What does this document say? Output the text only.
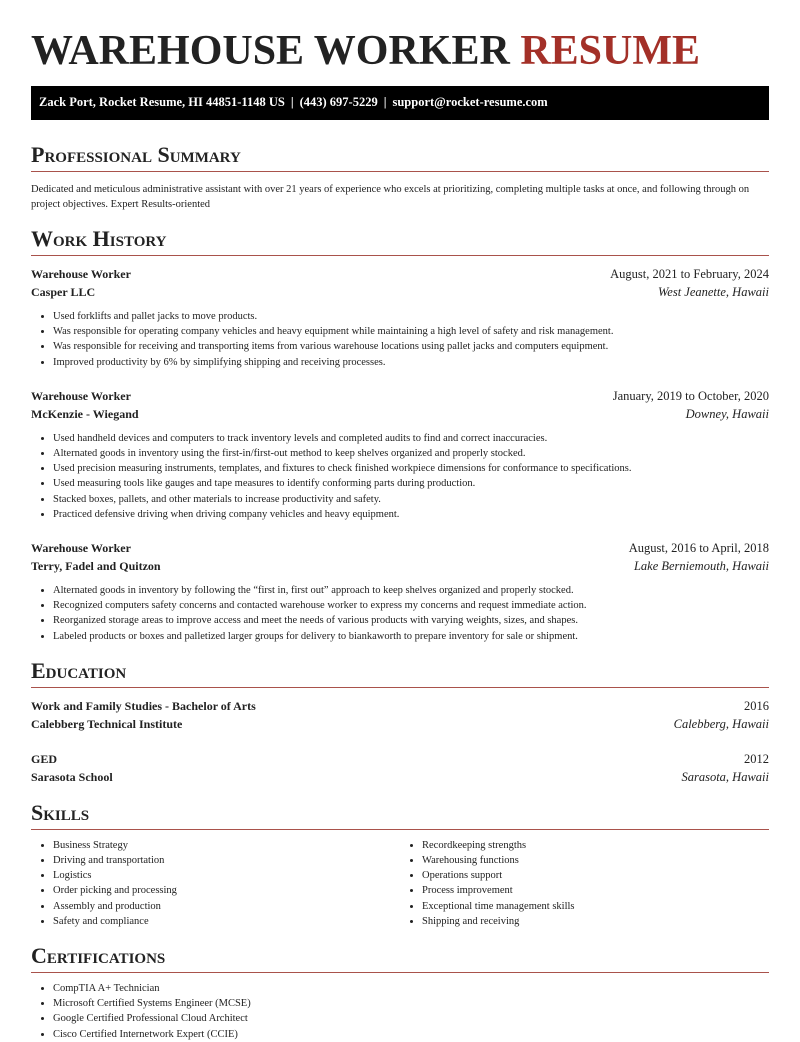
WAREHOUSE WORKER RESUME
Zack Port, Rocket Resume, HI 44851-1148 US | (443) 697-5229 | support@rocket-resume.com
Professional Summary

Dedicated and meticulous administrative assistant with over 21 years of experience who excels at prioritizing, completing multiple tasks at once, and following through on project objectives. Expert Results-oriented

Work History
Warehouse Worker	August, 2021 to February, 2024
Casper LLC	West Jeanette, Hawaii
• Used forklifts and pallet jacks to move products.
• Was responsible for operating company vehicles and heavy equipment while maintaining a high level of safety and risk management.
• Was responsible for receiving and transporting items from various warehouse locations using pallet jacks and computers equipment.
• Improved productivity by 6% by simplifying shipping and receiving processes.
Warehouse Worker	January, 2019 to October, 2020
McKenzie - Wiegand	Downey, Hawaii
• Used handheld devices and computers to track inventory levels and completed audits to find and correct inaccuracies.
• Alternated goods in inventory using the first-in/first-out method to keep shelves organized and properly stocked.
• Used precision measuring instruments, templates, and fixtures to check finished workpiece dimensions for conformance to specifications.
• Used measuring tools like gauges and tape measures to identify conforming parts during production.
• Stacked boxes, pallets, and other materials to increase productivity and safety.
• Practiced defensive driving when driving company vehicles and heavy equipment.
Warehouse Worker	August, 2016 to April, 2018
Terry, Fadel and Quitzon	Lake Berniemouth, Hawaii
• Alternated goods in inventory by following the “first in, first out” approach to keep shelves organized and properly stocked.
• Recognized computers safety concerns and contacted warehouse worker to express my concerns and request immediate action.
• Reorganized storage areas to improve access and meet the needs of various products with varying weights, sizes, and shapes.
• Labeled products or boxes and palletized larger groups for delivery to biankaworth to prepare inventory for sale or shipment.
Education
Work and Family Studies - Bachelor of Arts	2016
Calebberg Technical Institute	Calebberg, Hawaii
GED	2012
Sarasota School	Sarasota, Hawaii
Skills
• Business Strategy
• Driving and transportation
• Logistics
• Order picking and processing
• Assembly and production
• Safety and compliance
• Recordkeeping strengths
• Warehousing functions
• Operations support
• Process improvement
• Exceptional time management skills
• Shipping and receiving
Certifications
• CompTIA A+ Technician
• Microsoft Certified Systems Engineer (MCSE)
• Google Certified Professional Cloud Architect
• Cisco Certified Internetwork Expert (CCIE)
